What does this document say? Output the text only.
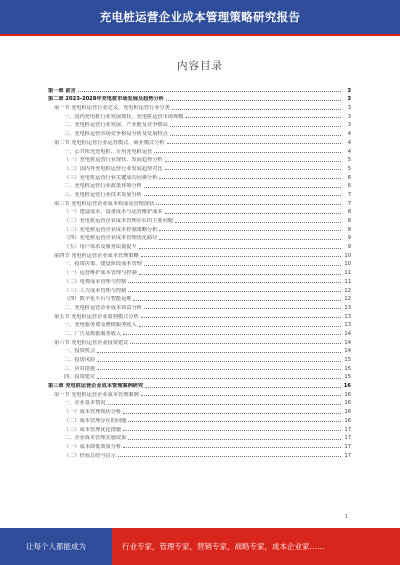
充电桩运营企业成本管理策略研究报告
内容目录
第一章 前言	3
第二章 2023-2028年充电桩市场发展及趋势分析	3
第一节 充电桩运营行业定义、充电桩运营行业分类	3
一、国内充电桩行业发展现状、充电桩运营市场规模	3
二、充电桩运营行业发展、产业链及竞争格局	3
三、充电桩运营市场竞争格局分析及发展特点	4
第二节 充电桩运营行业运营模式、商业模式分析	4
一、公共快充充电桩、专用充电桩运营	4
（一）充电桩运营行业现状、发展趋势分析	5
（二）国内外充电桩运营行业发展趋势对比	5
（三）充电桩运营行业关键成功因素分析	6
二、充电桩运营行业政策环境分析	6
三、充电桩运营行业技术发展分析	7
第三节 充电桩运营企业成本构成及管理现状	7
（一）建设成本、设备成本与运营维护成本	8
（二）充电桩运营企业成本管理存在的主要问题	8
（三）充电桩运营企业成本控制策略分析	8
（四）充电桩运营企业成本管理优化路径	9
（五）用户需求及服务质量提升	9
第四节 充电桩运营企业成本管理策略	10
一、投资决策、建设阶段成本管理	10
（一）运营维护成本管理与控制	11
（二）电费成本管理与控制	11
（三）人力成本管理与控制	12
（四）数字化平台与智能运维	12
二、充电桩运营企业成本效益分析	13
第五节 充电桩运营企业盈利模式分析	13
一、充电服务费及增值服务收入	13
二、广告及数据服务收入	14
第六节 充电桩运营企业投资建议	14
一、投资机会	14
二、投资风险	15
三、应对措施	15
四、投资建议	15
第三章 充电桩运营企业成本管理案例研究	16
第一节 充电桩运营企业成本管理案例	16
一、企业基本情况	16
（一）成本管理现状分析	16
（二）成本管理存在的问题	16
（三）成本管理优化措施	17
二、企业成本管理实施效果	17
（一）成本降低效果分析	17
（二）经验总结与启示	17
1
让每个人都能成为	行业专家，管理专家，营销专家，战略专家，成本企业家……
